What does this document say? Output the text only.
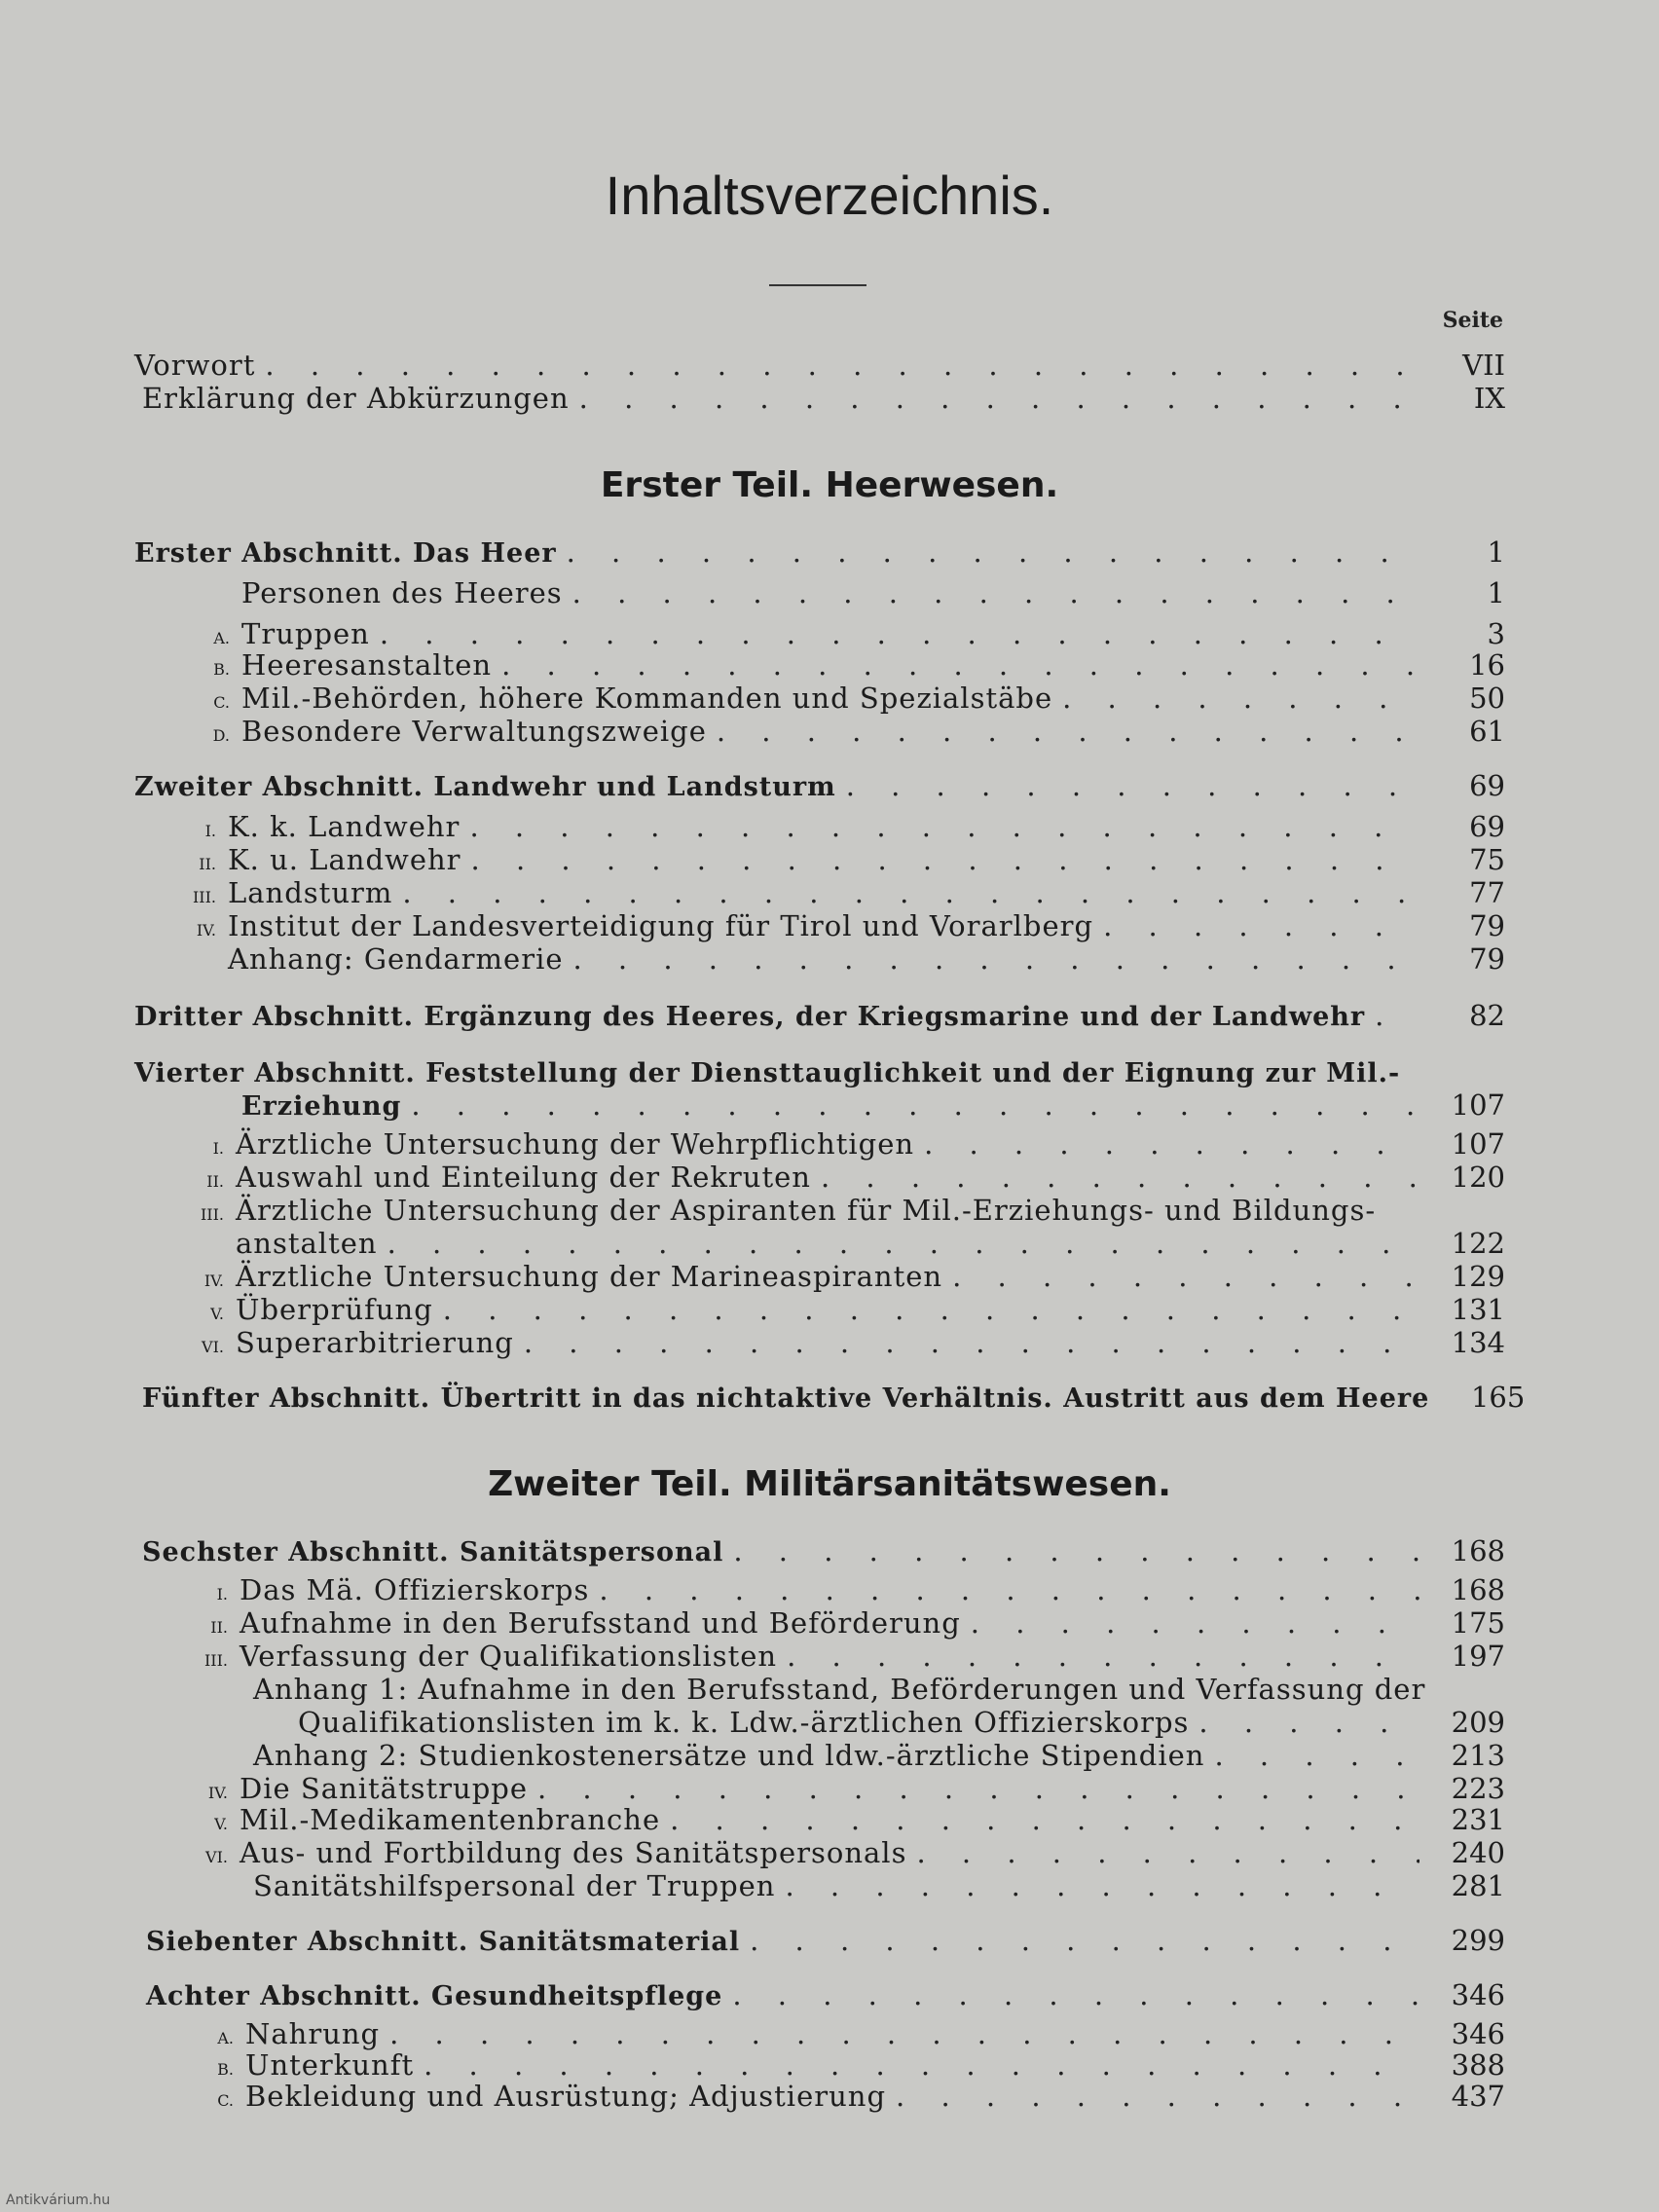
Inhaltsverzeichnis.
Seite
Vorwort . . .	VII
Erklärung der Abkürzungen . . .	IX
Erster Teil. Heerwesen.
Erster Abschnitt. Das Heer . . .	1
Personen des Heeres . . .	1
A. Truppen . . .	3
B. Heeresanstalten . . .	16
C. Mil.-Behörden, höhere Kommanden und Spezialstäbe . . .	50
D. Besondere Verwaltungszweige . . .	61
Zweiter Abschnitt. Landwehr und Landsturm . . .	69
I. K. k. Landwehr . . .	69
II. K. u. Landwehr . . .	75
III. Landsturm . . .	77
IV. Institut der Landesverteidigung für Tirol und Vorarlberg . . .	79
Anhang: Gendarmerie . . .	79
Dritter Abschnitt. Ergänzung des Heeres, der Kriegsmarine und der Landwehr . . .	82
Vierter Abschnitt. Feststellung der Diensttauglichkeit und der Eignung zur Mil.-
Erziehung . . .	107
I. Ärztliche Untersuchung der Wehrpflichtigen . . .	107
II. Auswahl und Einteilung der Rekruten . . .	120
III. Ärztliche Untersuchung der Aspiranten für Mil.-Erziehungs- und Bildungs-
anstalten . . .	122
IV. Ärztliche Untersuchung der Marineaspiranten . . .	129
V. Überprüfung . . .	131
VI. Superarbitrierung . . .	134
Fünfter Abschnitt. Übertritt in das nichtaktive Verhältnis. Austritt aus dem Heere	165
Zweiter Teil. Militärsanitätswesen.
Sechster Abschnitt. Sanitätspersonal . . .	168
I. Das Mä. Offizierskorps . . .	168
II. Aufnahme in den Berufsstand und Beförderung . . .	175
III. Verfassung der Qualifikationslisten . . .	197
Anhang 1: Aufnahme in den Berufsstand, Beförderungen und Verfassung der
Qualifikationslisten im k. k. Ldw.-ärztlichen Offizierskorps . . .	209
Anhang 2: Studienkostenersätze und ldw.-ärztliche Stipendien . . .	213
IV. Die Sanitätstruppe . . .	223
V. Mil.-Medikamentenbranche . . .	231
VI. Aus- und Fortbildung des Sanitätspersonals . . .	240
Sanitätshilfspersonal der Truppen . . .	281
Siebenter Abschnitt. Sanitätsmaterial . . .	299
Achter Abschnitt. Gesundheitspflege . . .	346
A. Nahrung . . .	346
B. Unterkunft . . .	388
C. Bekleidung und Ausrüstung; Adjustierung . . .	437
Antikvárium.hu
